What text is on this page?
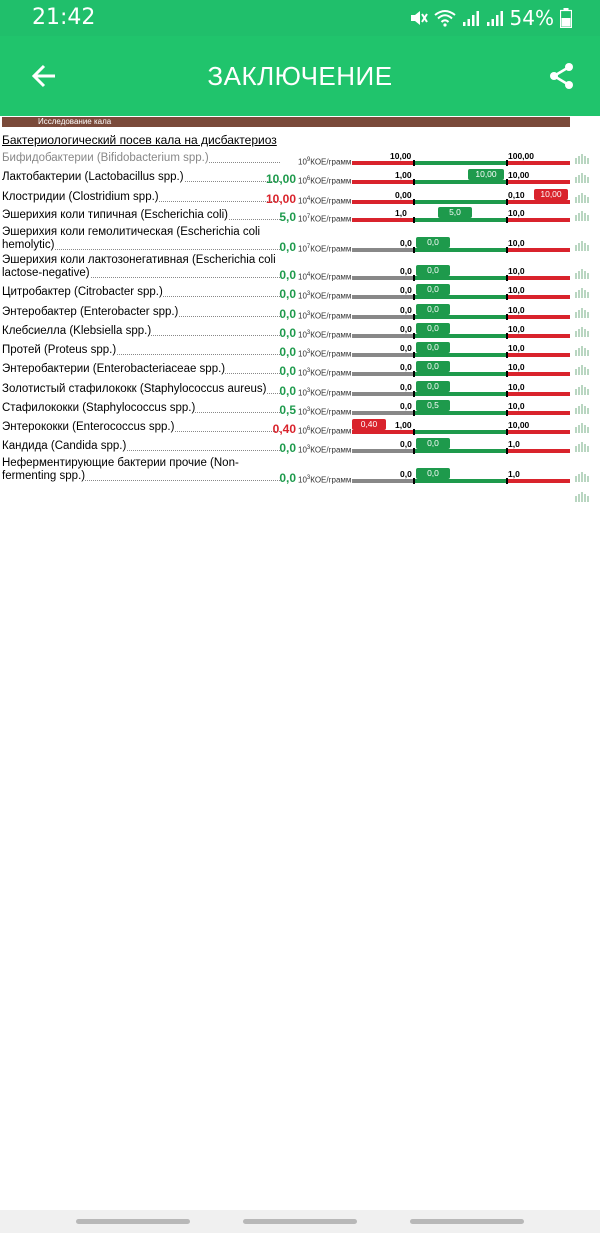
21:42	54%
ЗАКЛЮЧЕНИЕ
Исследование кала
Бактериологический посев кала на дисбактериоз
Бифидобактерии (Bifidobacterium spp.)	$10^9КОЕ$/грамм
10,00	100,00
Лактобактерии (Lactobacillus spp.)	10,00 $10^6КОЕ$/грамм
1,00	10,00
10,00
Клостридии (Clostridium spp.)	10,00 $10^4КОЕ$/грамм
0,00	0,10	10,00
Эшерихия коли типичная (Escherichia coli)	5,0 $10^7КОЕ$/грамм
1,0	10,0
5,0
Эшерихия коли гемолитическая (Escherichia coli
hemolytic)	0,0 $10^7КОЕ$/грамм
0,0	10,0
0,0
Эшерихия коли лактозонегативная (Escherichia coli
lactose-negative)	0,0 $10^4КОЕ$/грамм
0,0	10,0
0,0
Цитробактер (Citrobacter spp.)	0,0 $10^3КОЕ$/грамм
0,0	10,0
0,0
Энтеробактер (Enterobacter spp.)	0,0 $10^3КОЕ$/грамм
0,0	10,0
0,0
Клебсиелла (Klebsiella spp.)	0,0 $10^3КОЕ$/грамм
0,0	10,0
0,0
Протей (Proteus spp.)	0,0 $10^3КОЕ$/грамм
0,0	10,0
0,0
Энтеробактерии (Enterobacteriaceae spp.)	0,0 $10^3КОЕ$/грамм
0,0	10,0
0,0
Золотистый стафилококк (Staphylococcus aureus)	0,0 $10^3КОЕ$/грамм
0,0	10,0
0,0
Стафилококки (Staphylococcus spp.)	0,5 $10^3КОЕ$/грамм
0,0	10,0
0,5
Энтерококки (Enterococcus spp.)	0,40 $10^6КОЕ$/грамм
1,00	10,00
0,40
Кандида (Candida spp.)	0,0 $10^3КОЕ$/грамм
0,0	1,0
0,0
Неферментирующие бактерии прочие (Non-
fermenting spp.)	0,0 $10^3КОЕ$/грамм
0,0	1,0
0,0
